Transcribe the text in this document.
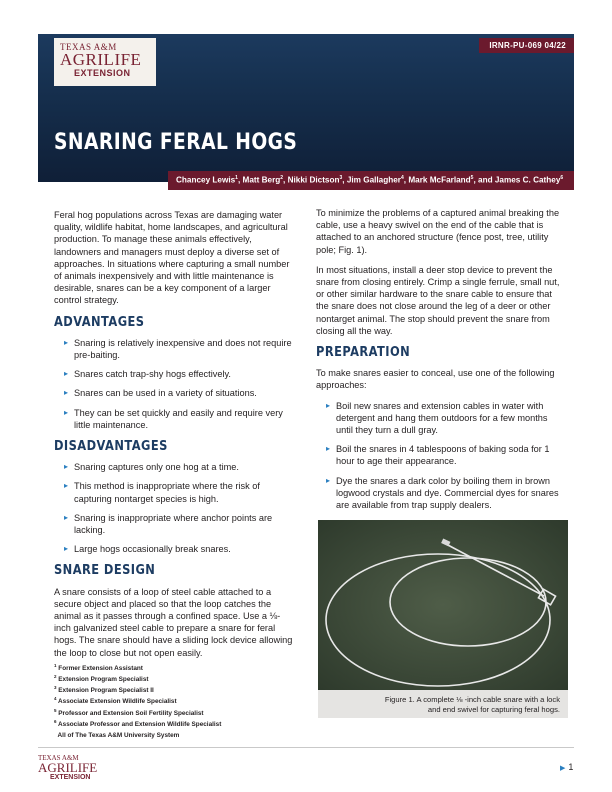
TEXAS A&M
AGRILIFE
EXTENSION
IRNR-PU-069 04/22
SNARING FERAL HOGS
Chancey Lewis$^1$, Matt Berg$^2$, Nikki Dictson$^3$, Jim Gallagher$^4$, Mark McFarland$^5$, and James C. Cathey$^6$

Feral hog populations across Texas are damaging water quality, wildlife habitat, home landscapes, and agricultural production. To manage these animals effectively, landowners and managers must deploy a diverse set of approaches. In situations where capturing a small number of animals inexpensively and with little maintenance is desirable, snares can be a key component of a larger control strategy.

ADVANTAGES
▸ Snaring is relatively inexpensive and does not require pre-baiting.
▸ Snares catch trap-shy hogs effectively.
▸ Snares can be used in a variety of situations.
▸ They can be set quickly and easily and require very little maintenance.
DISADVANTAGES
▸ Snaring captures only one hog at a time.
▸ This method is inappropriate where the risk of capturing nontarget species is high.
▸ Snaring is inappropriate where anchor points are lacking.
▸ Large hogs occasionally break snares.
SNARE DESIGN

A snare consists of a loop of steel cable attached to a secure object and placed so that the loop catches the animal as it passes through a confined space. Use a ⅛-inch galvanized steel cable to prepare a snare for feral hogs. The snare should have a sliding lock device allowing the loop to close but not open easily.

$^1$ Former Extension Assistant
$^2$ Extension Program Specialist
$^3$ Extension Program Specialist II
$^4$ Associate Extension Wildlife Specialist
$^5$ Professor and Extension Soil Fertility Specialist
$^6$ Associate Professor and Extension Wildlife Specialist
All of The Texas A&M University System

To minimize the problems of a captured animal breaking the cable, use a heavy swivel on the end of the cable that is attached to an anchored structure (fence post, tree, utility pole; Fig. 1).

In most situations, install a deer stop device to prevent the snare from closing entirely. Crimp a single ferrule, small nut, or other similar hardware to the snare cable to ensure that the snare does not close around the leg of a deer or other nontarget animal. The stop should prevent the snare from closing all the way.

PREPARATION

To make snares easier to conceal, use one of the following approaches:

▸ Boil new snares and extension cables in water with detergent and hang them outdoors for a few months until they turn a dull gray.
▸ Boil the snares in 4 tablespoons of baking soda for 1 hour to age their appearance.
▸ Dye the snares a dark color by boiling them in brown logwood crystals and dye. Commercial dyes for snares are available from trap supply dealers.
Figure 1. A complete ⅛ -inch cable snare with a lock
and end swivel for capturing feral hogs.
TEXAS A&M
AGRILIFE
EXTENSION
▶ 1
